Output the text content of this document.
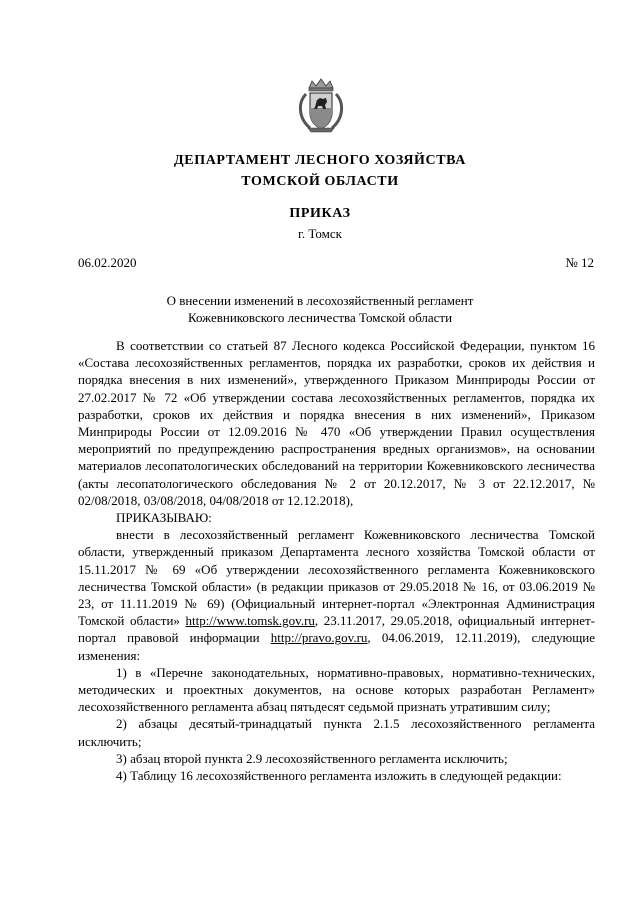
ДЕПАРТАМЕНТ ЛЕСНОГО ХОЗЯЙСТВА
ТОМСКОЙ ОБЛАСТИ
ПРИКАЗ
г. Томск
06.02.2020	№ 12
О внесении изменений в лесохозяйственный регламент
Кожевниковского лесничества Томской области

В соответствии со статьей 87 Лесного кодекса Российской Федерации, пунктом 16 «Состава лесохозяйственных регламентов, порядка их разработки, сроков их действия и порядка внесения в них изменений», утвержденного Приказом Минприроды России от 27.02.2017 № 72 «Об утверждении состава лесохозяйственных регламентов, порядка их разработки, сроков их действия и порядка внесения в них изменений», Приказом Минприроды России от 12.09.2016 № 470 «Об утверждении Правил осуществления мероприятий по предупреждению распространения вредных организмов», на основании материалов лесопатологических обследований на территории Кожевниковского лесничества (акты лесопатологического обследования № 2 от 20.12.2017, № 3 от 22.12.2017, № 02/08/2018, 03/08/2018, 04/08/2018 от 12.12.2018),

ПРИКАЗЫВАЮ:

внести в лесохозяйственный регламент Кожевниковского лесничества Томской области, утвержденный приказом Департамента лесного хозяйства Томской области от 15.11.2017 № 69 «Об утверждении лесохозяйственного регламента Кожевниковского лесничества Томской области» (в редакции приказов от 29.05.2018 № 16, от 03.06.2019 № 23, от 11.11.2019 № 69) (Официальный интернет-портал «Электронная Администрация Томской области» http://www.tomsk.gov.ru, 23.11.2017, 29.05.2018, официальный интернет-портал правовой информации http://pravo.gov.ru, 04.06.2019, 12.11.2019), следующие изменения:

1) в «Перечне законодательных, нормативно-правовых, нормативно-технических, методических и проектных документов, на основе которых разработан Регламент» лесохозяйственного регламента абзац пятьдесят седьмой признать утратившим силу;

2) абзацы десятый-тринадцатый пункта 2.1.5 лесохозяйственного регламента исключить;

3) абзац второй пункта 2.9 лесохозяйственного регламента исключить;

4) Таблицу 16 лесохозяйственного регламента изложить в следующей редакции:
